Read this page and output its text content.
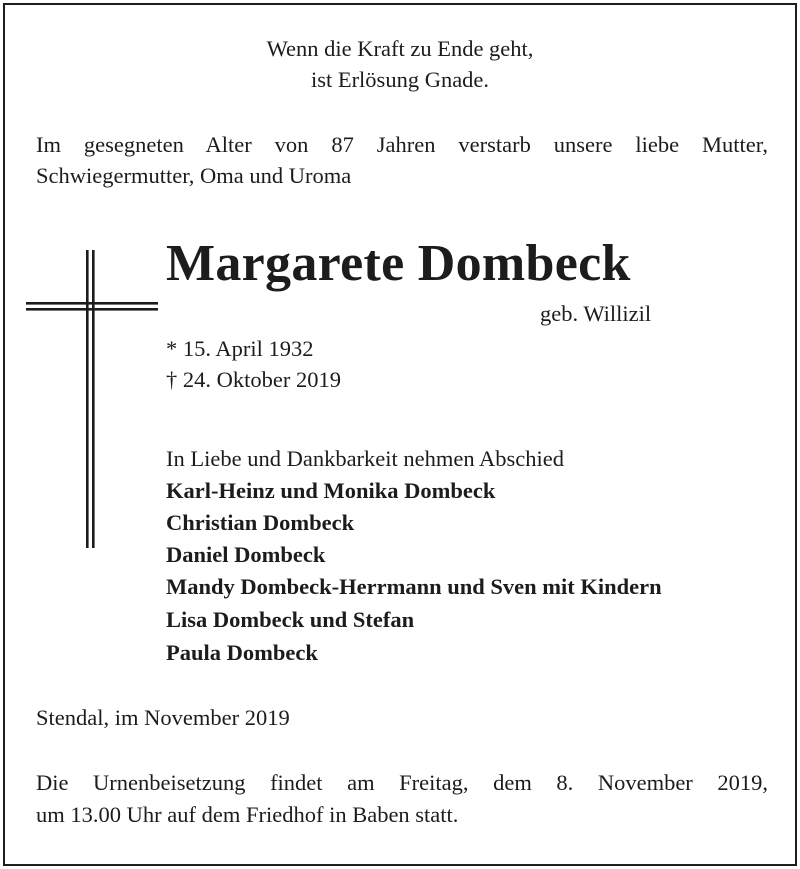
Wenn die Kraft zu Ende geht,

ist Erlösung Gnade.

Im gesegneten Alter von 87 Jahren verstarb unsere liebe Mutter,

Schwiegermutter, Oma und Uroma

Margarete Dombeck

geb. Willizil

* 15. April 1932

† 24. Oktober 2019

In Liebe und Dankbarkeit nehmen Abschied

Karl-Heinz und Monika Dombeck

Christian Dombeck

Daniel Dombeck

Mandy Dombeck-Herrmann und Sven mit Kindern

Lisa Dombeck und Stefan

Paula Dombeck

Stendal, im November 2019

Die Urnenbeisetzung findet am Freitag, dem 8. November 2019,

um 13.00 Uhr auf dem Friedhof in Baben statt.
